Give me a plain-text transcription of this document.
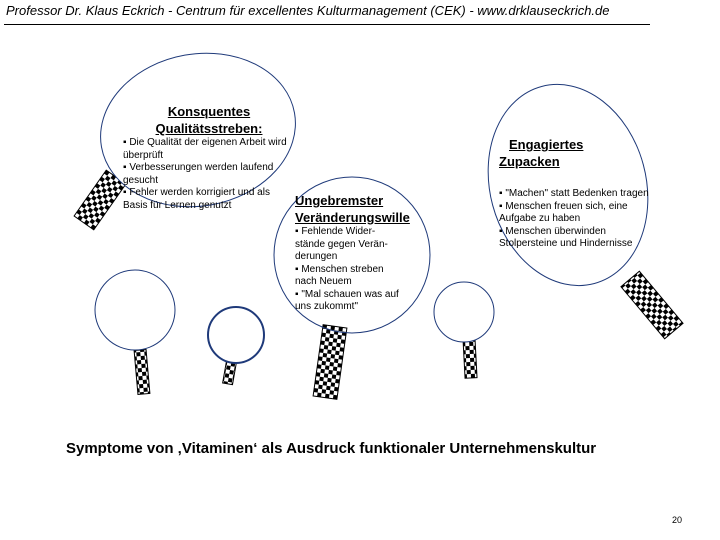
Professor Dr. Klaus Eckrich - Centrum für excellentes Kulturmanagement (CEK) - www.drklauseckrich.de
Konsquentes
Qualitätsstreben:
▪ Die Qualität der eigenen Arbeit wird überprüft
▪ Verbesserungen werden laufend gesucht
▪ Fehler werden korrigiert und als Basis für Lernen genutzt	Ungebremster
Veränderungswille
▪ Fehlende Wider-stände gegen Verän-derungen
▪ Menschen streben nach Neuem
▪ "Mal schauen was auf uns zukommt"
Engagiertes
Zupacken
▪ "Machen" statt Bedenken tragen
▪ Menschen freuen sich, eine Aufgabe zu haben
▪ Menschen überwinden Stolpersteine und Hindernisse
Symptome von ‚Vitaminen‘ als Ausdruck funktionaler Unternehmenskultur
20
